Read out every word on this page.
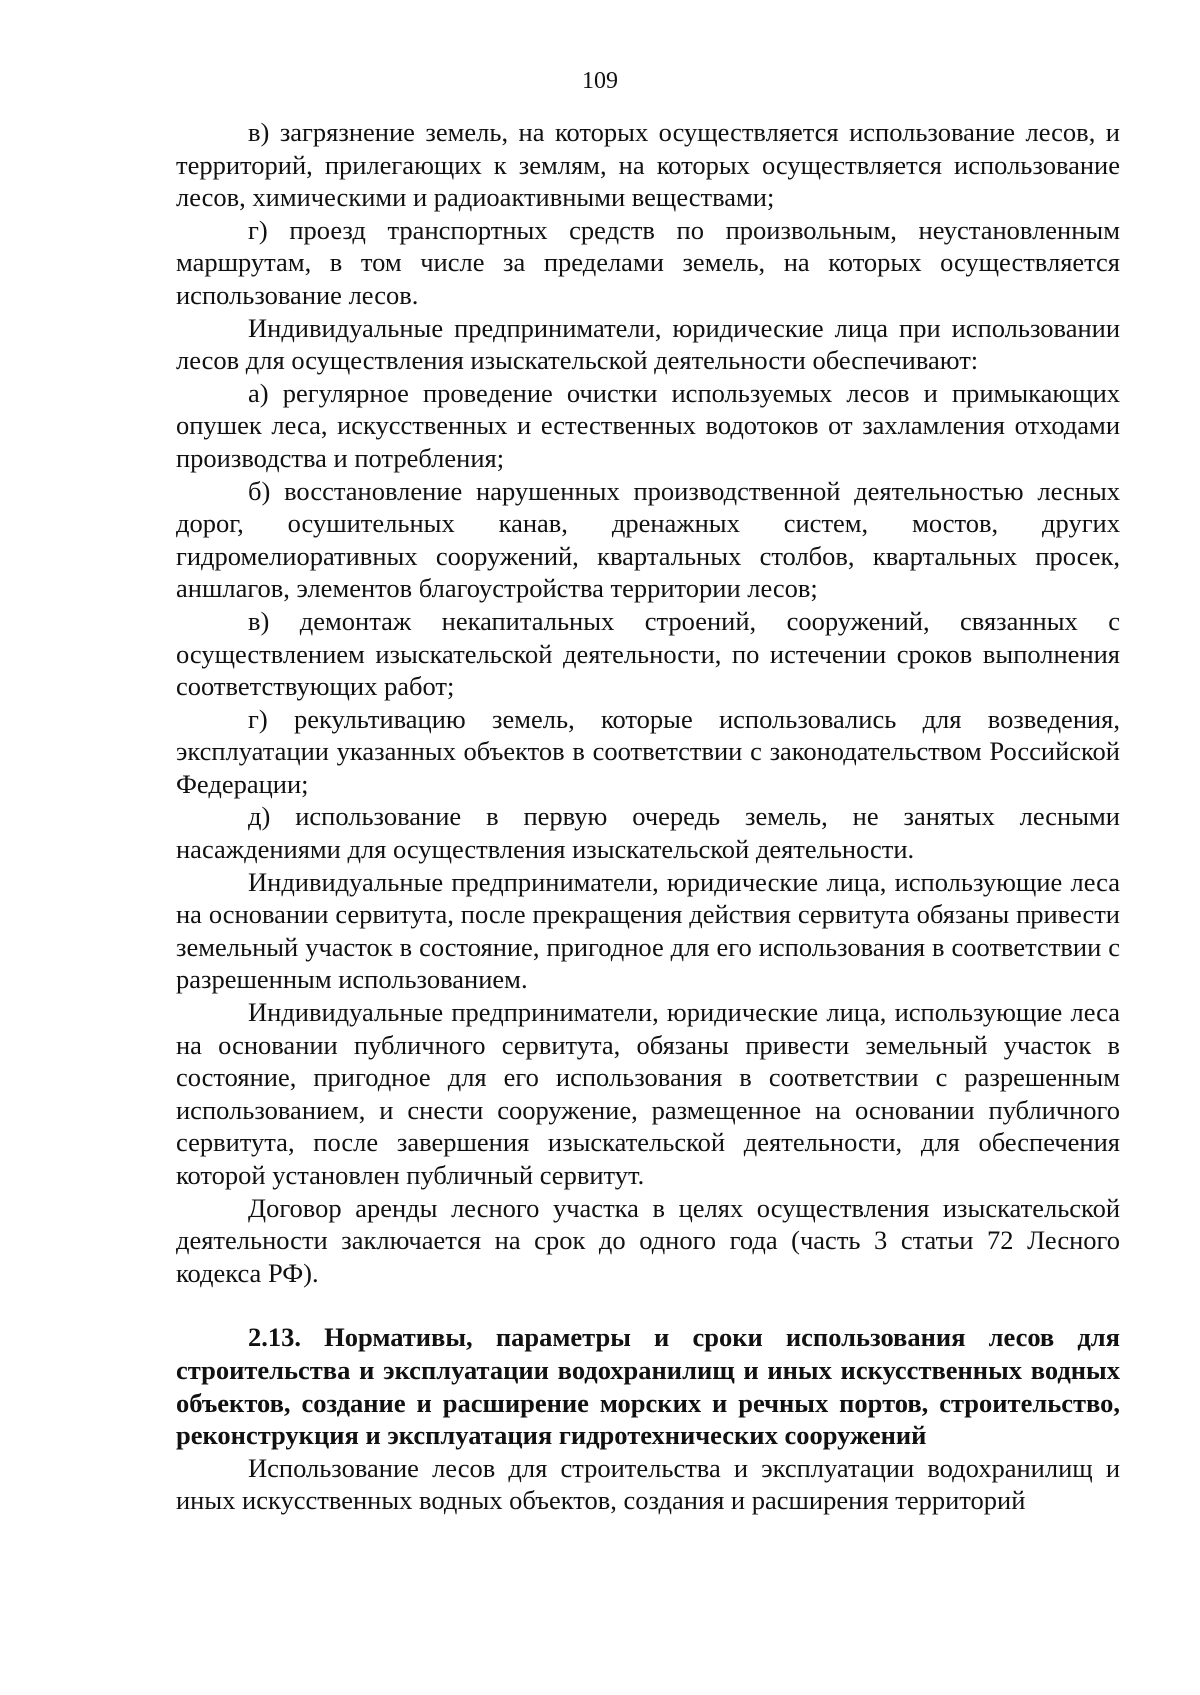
109

в) загрязнение земель, на которых осуществляется использование лесов, и территорий, прилегающих к землям, на которых осуществляется использование лесов, химическими и радиоактивными веществами;

г) проезд транспортных средств по произвольным, неустановленным маршрутам, в том числе за пределами земель, на которых осуществляется использование лесов.

Индивидуальные предприниматели, юридические лица при использовании лесов для осуществления изыскательской деятельности обеспечивают:

а) регулярное проведение очистки используемых лесов и примыкающих опушек леса, искусственных и естественных водотоков от захламления отходами производства и потребления;

б) восстановление нарушенных производственной деятельностью лесных дорог, осушительных канав, дренажных систем, мостов, других гидромелиоративных сооружений, квартальных столбов, квартальных просек, аншлагов, элементов благоустройства территории лесов;

в) демонтаж некапитальных строений, сооружений, связанных с осуществлением изыскательской деятельности, по истечении сроков выполнения соответствующих работ;

г) рекультивацию земель, которые использовались для возведения, эксплуатации указанных объектов в соответствии с законодательством Российской Федерации;

д) использование в первую очередь земель, не занятых лесными насаждениями для осуществления изыскательской деятельности.

Индивидуальные предприниматели, юридические лица, использующие леса на основании сервитута, после прекращения действия сервитута обязаны привести земельный участок в состояние, пригодное для его использования в соответствии с разрешенным использованием.

Индивидуальные предприниматели, юридические лица, использующие леса на основании публичного сервитута, обязаны привести земельный участок в состояние, пригодное для его использования в соответствии с разрешенным использованием, и снести сооружение, размещенное на основании публичного сервитута, после завершения изыскательской деятельности, для обеспечения которой установлен публичный сервитут.

Договор аренды лесного участка в целях осуществления изыскательской деятельности заключается на срок до одного года (часть 3 статьи 72 Лесного кодекса РФ).

2.13. Нормативы, параметры и сроки использования лесов для строительства и эксплуатации водохранилищ и иных искусственных водных объектов, создание и расширение морских и речных портов, строительство, реконструкция и эксплуатация гидротехнических сооружений

Использование лесов для строительства и эксплуатации водохранилищ и иных искусственных водных объектов, создания и расширения территорий
